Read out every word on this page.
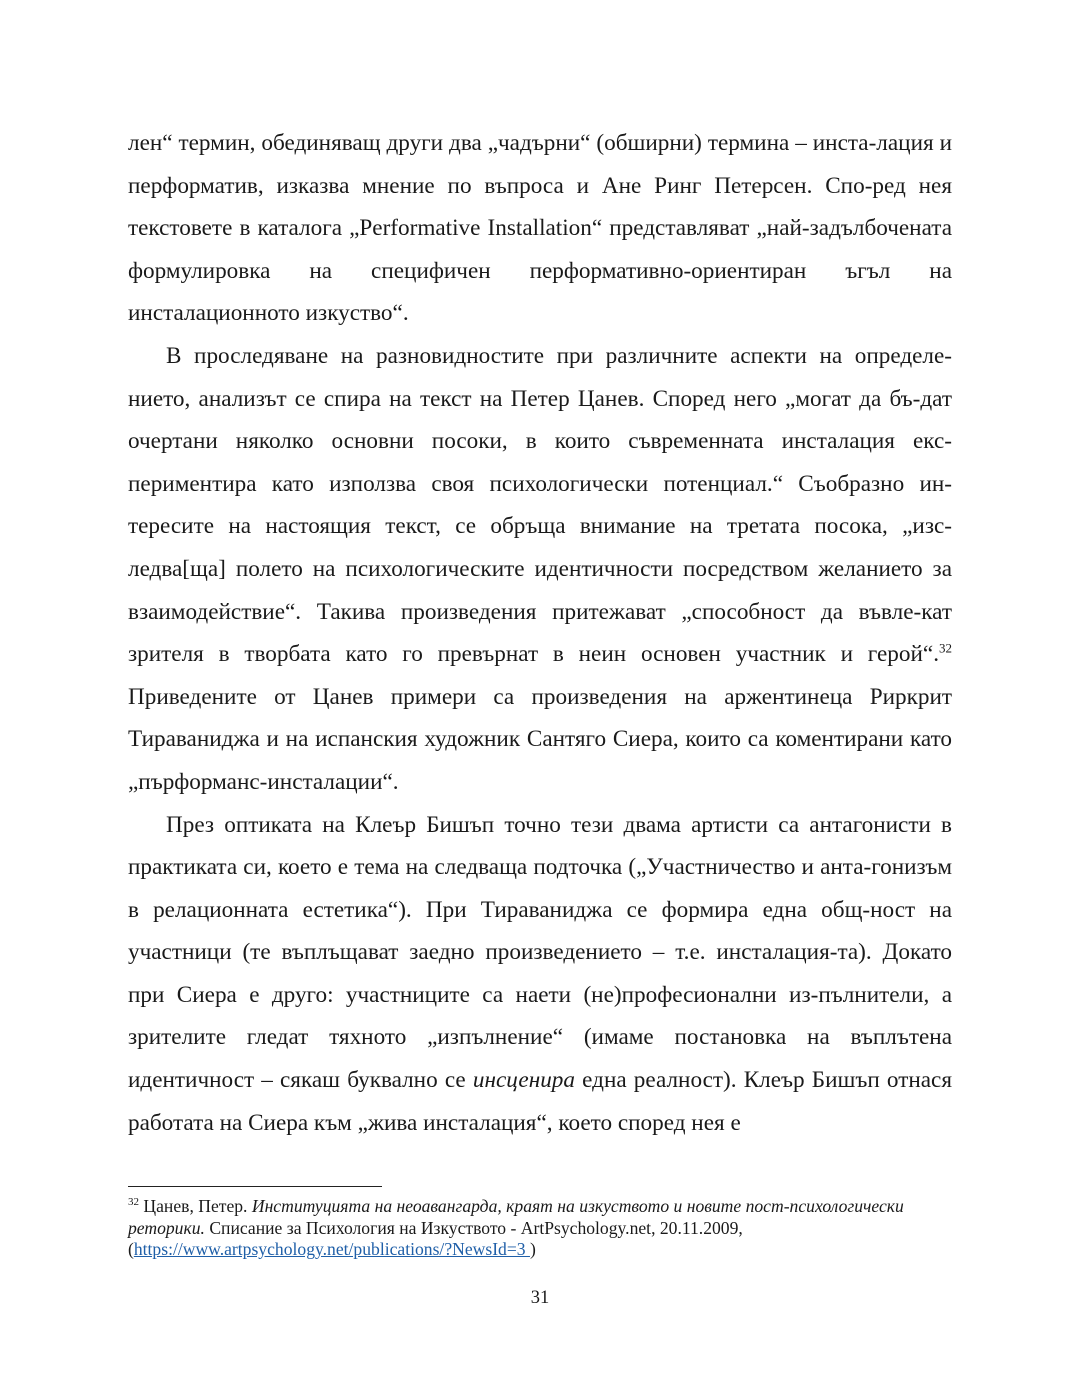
лен“ термин, обединяващ други два „чадърни“ (обширни) термина – инста-лация и перформатив, изказва мнение по въпроса и Ане Ринг Петерсен. Спо-ред нея текстовете в каталога „Performative Installation“ представляват „най-задълбочената формулировка на специфичен перформативно-ориентиран ъгъл на инсталационното изкуство“.

В проследяване на разновидностите при различните аспекти на определе-нието, анализът се спира на текст на Петер Цанев. Според него „могат да бъ-дат очертани няколко основни посоки, в които съвременната инсталация екс-периментира като използва своя психологически потенциал.“ Съобразно ин-тересите на настоящия текст, се обръща внимание на третата посока, „изс-ледва[ща] полето на психологическите идентичности посредством желанието за взаимодействие“. Такива произведения притежават „способност да въвле-кат зрителя в творбата като го превърнат в неин основен участник и герой“.$^{32}$ Приведените от Цанев примери са произведения на аржентинеца Риркрит Тираваниджа и на испанския художник Сантяго Сиера, които са коментирани като „пърформанс-инсталации“.

През оптиката на Клеър Бишъп точно тези двама артисти са антагонисти в практиката си, което е тема на следваща подточка („Участничество и анта-гонизъм в релационната естетика“). При Тираваниджа се формира една общ-ност на участници (те въплъщават заедно произведението – т.е. инсталация-та). Докато при Сиера е друго: участниците са наети (не)професионални из-пълнители, а зрителите гледат тяхното „изпълнение“ (имаме постановка на въплътена идентичност – сякаш буквално се инсценира една реалност). Клеър Бишъп отнася работата на Сиера към „жива инсталация“, което според нея е

$^{32}$ Цанев, Петер. Институцията на неоавангарда, краят на изкуството и новите пост-психологически реторики. Списание за Психология на Изкуството - ArtPsychology.net, 20.11.2009, (https://www.artpsychology.net/publications/?NewsId=3 )
31
